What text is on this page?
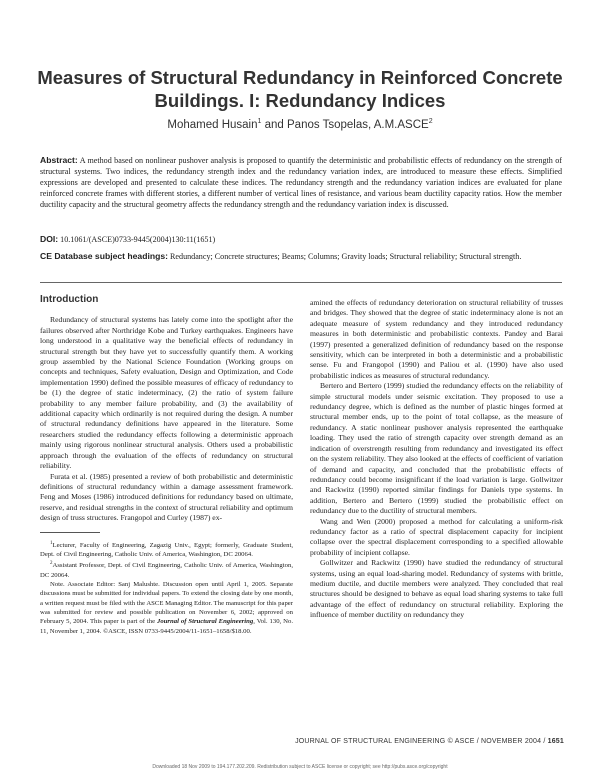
Measures of Structural Redundancy in Reinforced Concrete Buildings. I: Redundancy Indices
Mohamed Husain$^1$ and Panos Tsopelas, A.M.ASCE$^2$
Abstract: A method based on nonlinear pushover analysis is proposed to quantify the deterministic and probabilistic effects of redundancy on the strength of structural systems. Two indices, the redundancy strength index and the redundancy variation index, are introduced to measure these effects. Simplified expressions are developed and presented to calculate these indices. The redundancy strength and the redundancy variation indices are evaluated for plane reinforced concrete frames with different stories, a different number of vertical lines of resistance, and various beam ductility capacity ratios. How the member ductility capacity and the structural geometry affects the redundancy strength and the redundancy variation index is discussed.
DOI: 10.1061/(ASCE)0733-9445(2004)130:11(1651)
CE Database subject headings: Redundancy; Concrete structures; Beams; Columns; Gravity loads; Structural reliability; Structural strength.
Introduction

Redundancy of structural systems has lately come into the spotlight after the failures observed after Northridge Kobe and Turkey earthquakes. Engineers have long understood in a qualitative way the beneficial effects of redundancy in structural strength but they have yet to successfully quantify them. A working group assembled by the National Science Foundation (Working groups on concepts and techniques, Safety evaluation, Design and Optimization, and Code implementation 1990) defined the possible measures of efficacy of redundancy to be (1) the degree of static indeterminacy, (2) the ratio of system failure probability to any member failure probability, and (3) the availability of additional capacity which ordinarily is not required during the design. A number of structural redundancy definitions have appeared in the literature. Some researchers studied the redundancy effects following a deterministic approach mainly using rigorous nonlinear structural analysis. Others used a probabilistic approach through the evaluation of the effects of redundancy on structural reliability.

Furata et al. (1985) presented a review of both probabilistic and deterministic definitions of structural redundancy within a damage assessment framework. Feng and Moses (1986) introduced definitions for redundancy based on ultimate, reserve, and residual strengths in the context of structural reliability and optimum design of truss structures. Frangopol and Curley (1987) ex-

$^1$Lecturer, Faculty of Engineering, Zagazig Univ., Egypt; formerly, Graduate Student, Dept. of Civil Engineering, Catholic Univ. of America, Washington, DC 20064.

$^2$Assistant Professor, Dept. of Civil Engineering, Catholic Univ. of America, Washington, DC 20064.

Note. Associate Editor: Sanj Malushte. Discussion open until April 1, 2005. Separate discussions must be submitted for individual papers. To extend the closing date by one month, a written request must be filed with the ASCE Managing Editor. The manuscript for this paper was submitted for review and possible publication on November 6, 2002; approved on February 5, 2004. This paper is part of the Journal of Structural Engineering, Vol. 130, No. 11, November 1, 2004. ©ASCE, ISSN 0733-9445/2004/11-1651–1658/$18.00.

amined the effects of redundancy deterioration on structural reliability of trusses and bridges. They showed that the degree of static indeterminacy alone is not an adequate measure of system redundancy and they introduced redundancy measures in both deterministic and probabilistic contexts. Pandey and Barai (1997) presented a generalized definition of redundancy based on the response sensitivity, which can be interpreted in both a deterministic and a probabilistic sense. Fu and Frangopol (1990) and Paliou et al. (1990) have also used probabilistic indices as measures of structural redundancy.

Bertero and Bertero (1999) studied the redundancy effects on the reliability of simple structural models under seismic excitation. They proposed to use a redundancy degree, which is defined as the number of plastic hinges formed at structural member ends, up to the point of total collapse, as the measure of redundancy. A static nonlinear pushover analysis represented the earthquake loading. They used the ratio of strength capacity over strength demand as an indication of overstrength resulting from redundancy and investigated its effect on the system reliability. They also looked at the effects of coefficient of variation of demand and capacity, and concluded that the probabilistic effects of redundancy could become insignificant if the load variation is large. Gollwitzer and Rackwitz (1990) reported similar findings for Daniels type systems. In addition, Bertero and Bertero (1999) studied the probabilistic effect on redundancy due to the ductility of structural members.

Wang and Wen (2000) proposed a method for calculating a uniform-risk redundancy factor as a ratio of spectral displacement capacity for incipient collapse over the spectral displacement corresponding to a specified allowable probability of incipient collapse.

Gollwitzer and Rackwitz (1990) have studied the redundancy of structural systems, using an equal load-sharing model. Redundancy of systems with brittle, medium ductile, and ductile members were analyzed. They concluded that real structures should be designed to behave as equal load sharing systems to take full advantage of the effect of redundancy on structural reliability. Exploring the influence of member ductility on redundancy they

JOURNAL OF STRUCTURAL ENGINEERING © ASCE / NOVEMBER 2004 / 1651
Downloaded 18 Nov 2009 to 194.177.202.209. Redistribution subject to ASCE license or copyright; see http://pubs.asce.org/copyright
